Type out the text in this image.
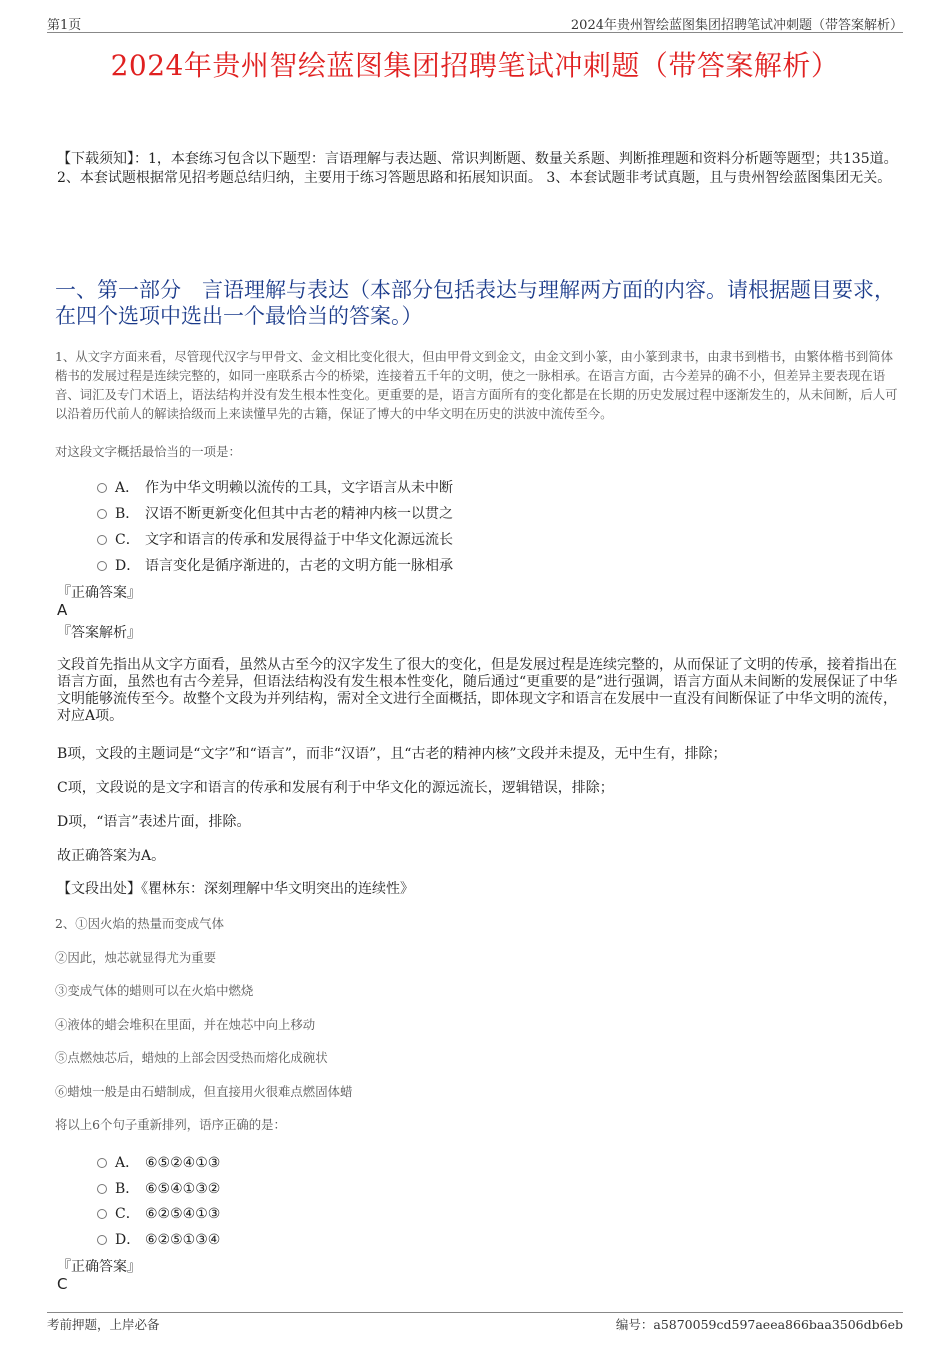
第1页	2024年贵州智绘蓝图集团招聘笔试冲刺题（带答案解析）
2024年贵州智绘蓝图集团招聘笔试冲刺题（带答案解析）
【下载须知】：1，本套练习包含以下题型：言语理解与表达题、常识判断题、数量关系题、判断推理题和资料分析题等题型；共135道。 2、本套试题根据常见招考题总结归纳，主要用于练习答题思路和拓展知识面。 3、本套试题非考试真题，且与贵州智绘蓝图集团无关。
一、第一部分　言语理解与表达（本部分包括表达与理解两方面的内容。请根据题目要求，在四个选项中选出一个最恰当的答案。）
1、从文字方面来看，尽管现代汉字与甲骨文、金文相比变化很大，但由甲骨文到金文，由金文到小篆，由小篆到隶书，由隶书到楷书，由繁体楷书到简体楷书的发展过程是连续完整的，如同一座联系古今的桥梁，连接着五千年的文明，使之一脉相承。在语言方面，古今差异的确不小，但差异主要表现在语音、词汇及专门术语上，语法结构并没有发生根本性变化。更重要的是，语言方面所有的变化都是在长期的历史发展过程中逐渐发生的，从未间断，后人可以沿着历代前人的解读拾级而上来读懂早先的古籍，保证了博大的中华文明在历史的洪波中流传至今。
对这段文字概括最恰当的一项是：
A． 作为中华文明赖以流传的工具，文字语言从未中断
B． 汉语不断更新变化但其中古老的精神内核一以贯之
C． 文字和语言的传承和发展得益于中华文化源远流长
D． 语言变化是循序渐进的，古老的文明方能一脉相承
『正确答案』
A
『答案解析』
文段首先指出从文字方面看，虽然从古至今的汉字发生了很大的变化，但是发展过程是连续完整的，从而保证了文明的传承，接着指出在语言方面，虽然也有古今差异，但语法结构没有发生根本性变化，随后通过“更重要的是”进行强调，语言方面从未间断的发展保证了中华文明能够流传至今。故整个文段为并列结构，需对全文进行全面概括，即体现文字和语言在发展中一直没有间断保证了中华文明的流传，对应A项。
B项，文段的主题词是“文字”和“语言”，而非“汉语”，且“古老的精神内核”文段并未提及，无中生有，排除；
C项，文段说的是文字和语言的传承和发展有利于中华文化的源远流长，逻辑错误，排除；
D项，“语言”表述片面，排除。
故正确答案为A。
【文段出处】《瞿林东：深刻理解中华文明突出的连续性》
2、①因火焰的热量而变成气体
②因此，烛芯就显得尤为重要
③变成气体的蜡则可以在火焰中燃烧
④液体的蜡会堆积在里面，并在烛芯中向上移动
⑤点燃烛芯后，蜡烛的上部会因受热而熔化成碗状
⑥蜡烛一般是由石蜡制成，但直接用火很难点燃固体蜡
将以上6个句子重新排列，语序正确的是：
A． ⑥⑤②④①③
B． ⑥⑤④①③②
C． ⑥②⑤④①③
D． ⑥②⑤①③④
『正确答案』
C
考前押题，上岸必备	编号：a5870059cd597aeea866baa3506db6eb
